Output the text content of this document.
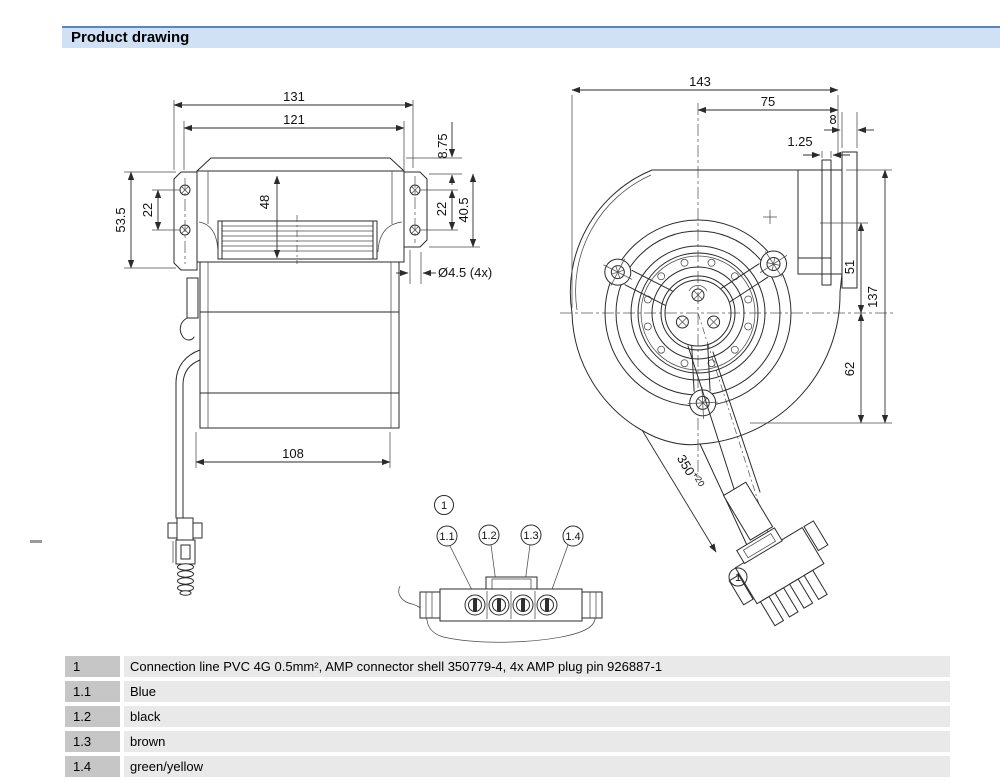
Product drawing
131
121
8.75
53.5 22
48	22 40.5
Ø4.5 (4x)
108
143
75
8
1.25
51
137
62
$350^{+20}$
1
1
1.1 1.2 1.3 1.4
1	Connection line PVC 4G 0.5mm², AMP connector shell 350779-4, 4x AMP plug pin 926887-1
1.1	Blue
1.2	black
1.3	brown
1.4	green/yellow
